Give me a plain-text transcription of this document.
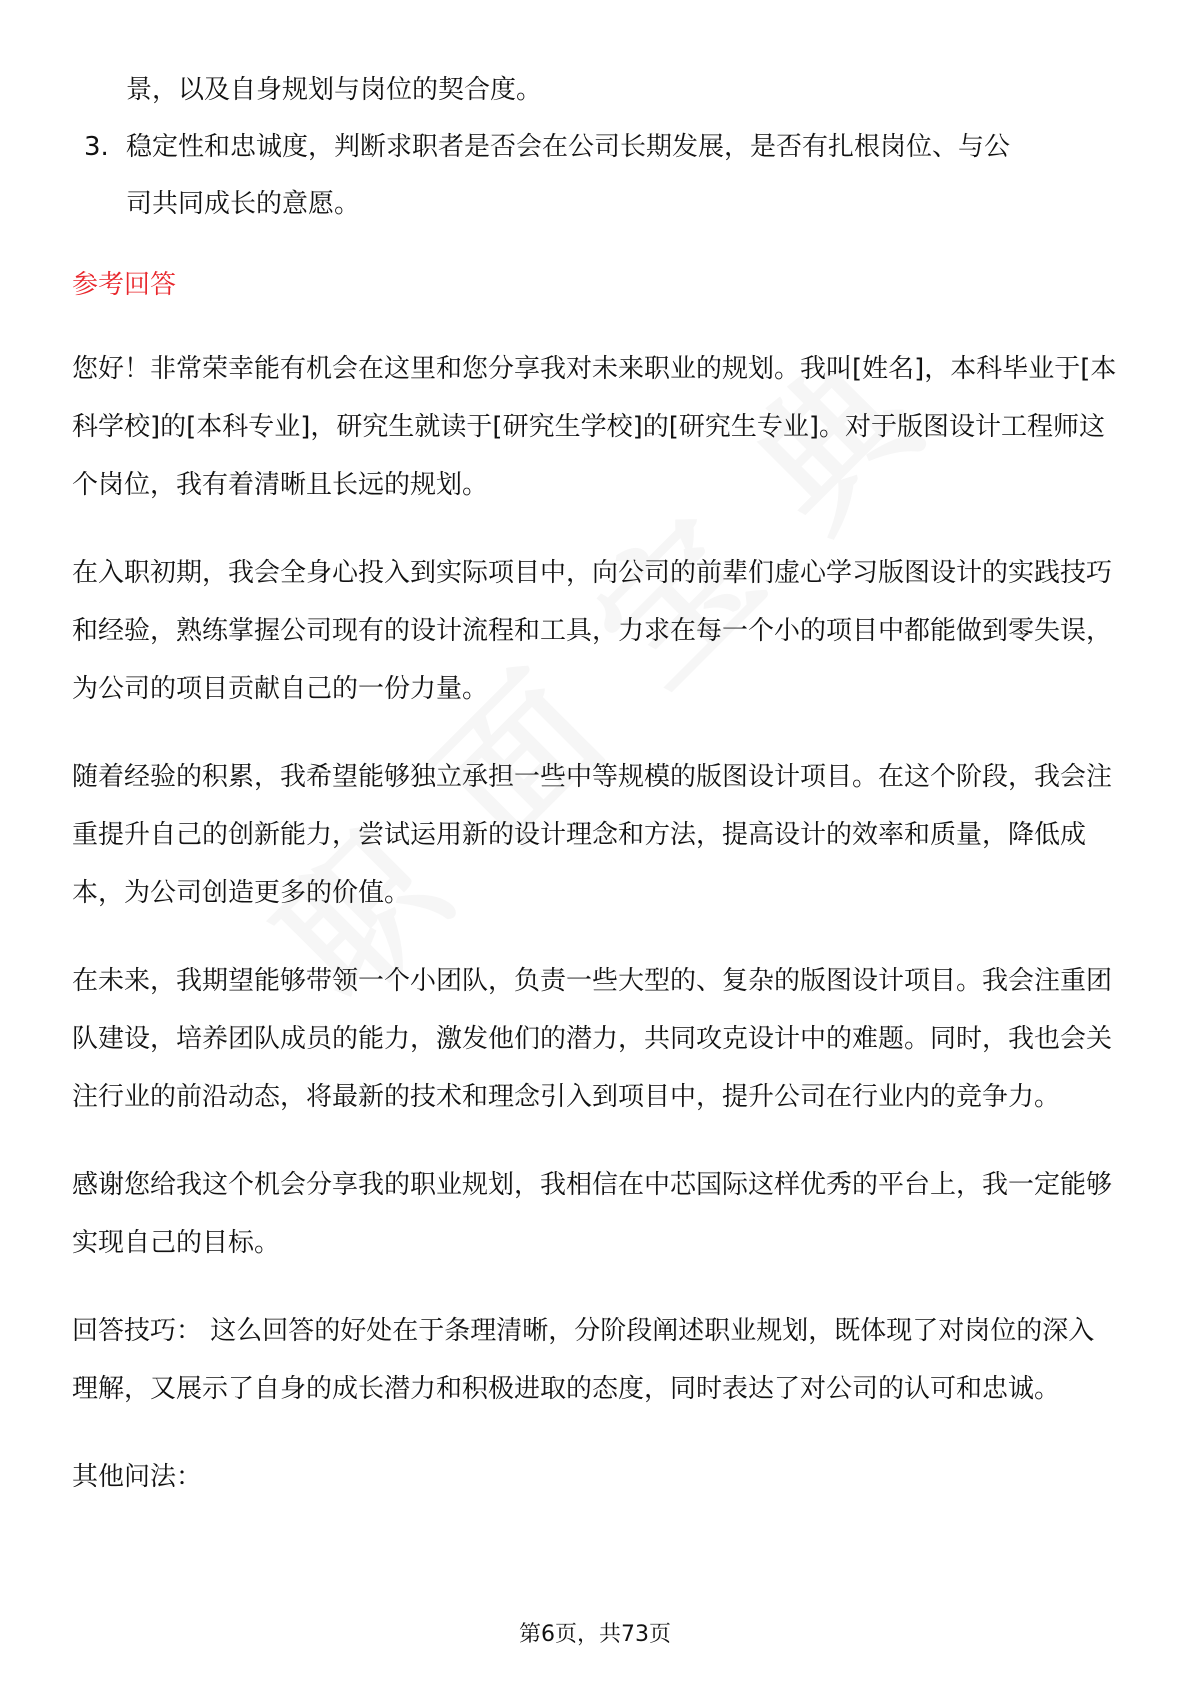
景，以及自身规划与岗位的契合度。

3. 稳定性和忠诚度，判断求职者是否会在公司长期发展，是否有扎根岗位、与公
司共同成长的意愿。

参考回答

您好！非常荣幸能有机会在这里和您分享我对未来职业的规划。我叫[姓名]，本科毕业于[本科学校]的[本科专业]，研究生就读于[研究生学校]的[研究生专业]。对于版图设计工程师这个岗位，我有着清晰且长远的规划。

在入职初期，我会全身心投入到实际项目中，向公司的前辈们虚心学习版图设计的实践技巧和经验，熟练掌握公司现有的设计流程和工具，力求在每一个小的项目中都能做到零失误，为公司的项目贡献自己的一份力量。

随着经验的积累，我希望能够独立承担一些中等规模的版图设计项目。在这个阶段，我会注重提升自己的创新能力，尝试运用新的设计理念和方法，提高设计的效率和质量，降低成本，为公司创造更多的价值。

在未来，我期望能够带领一个小团队，负责一些大型的、复杂的版图设计项目。我会注重团队建设，培养团队成员的能力，激发他们的潜力，共同攻克设计中的难题。同时，我也会关注行业的前沿动态，将最新的技术和理念引入到项目中，提升公司在行业内的竞争力。

感谢您给我这个机会分享我的职业规划，我相信在中芯国际这样优秀的平台上，我一定能够实现自己的目标。

回答技巧： 这么回答的好处在于条理清晰，分阶段阐述职业规划，既体现了对岗位的深入理解，又展示了自身的成长潜力和积极进取的态度，同时表达了对公司的认可和忠诚。

其他问法：

第6页，共73页
